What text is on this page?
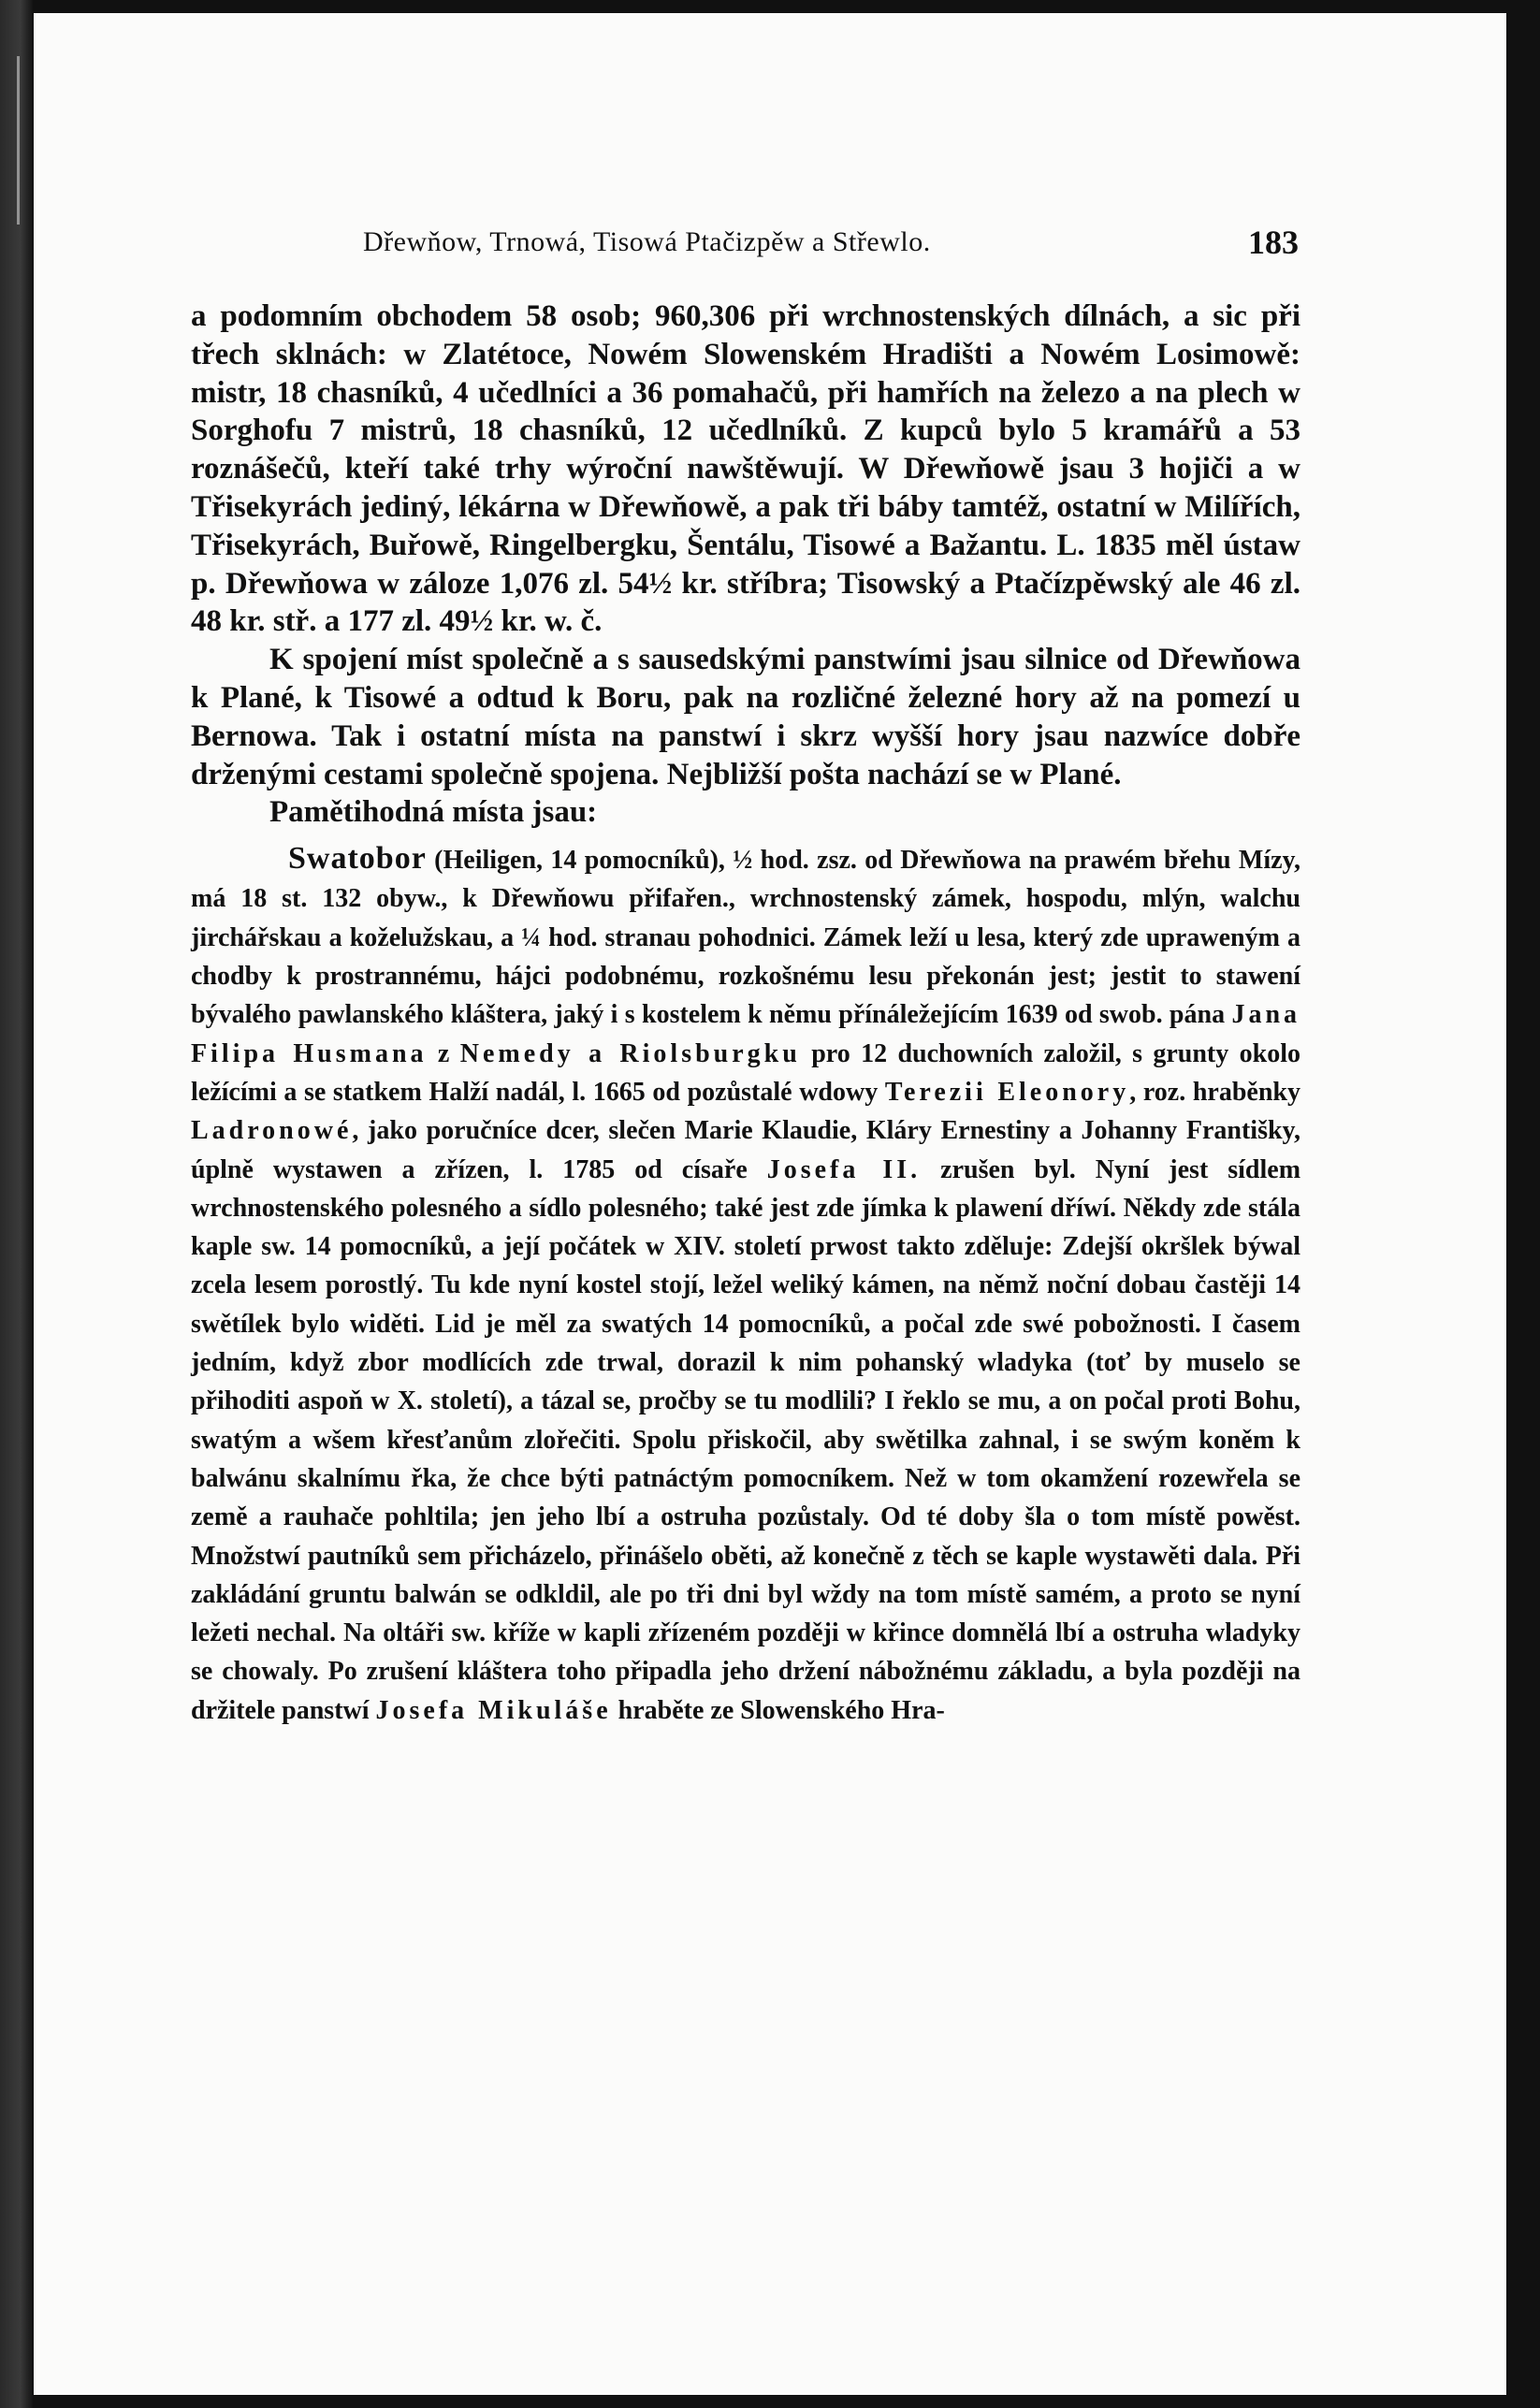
Dřewňow, Trnowá, Tisowá Ptačizpěw a Střewlo.	183

a podomním obchodem 58 osob; 960,306 při wrchnostenských dílnách, a sic při třech sklnách: w Zlatétoce, Nowém Slowenském Hradišti a Nowém Losimowě: mistr, 18 chasníků, 4 učedlníci a 36 pomahačů, při hamřích na železo a na plech w Sorghofu 7 mistrů, 18 chasníků, 12 učedlníků. Z kupců bylo 5 kramářů a 53 roznášečů, kteří také trhy wýroční nawštěwují. W Dřewňowě jsau 3 hojiči a w Třisekyrách jediný, lékárna w Dřewňowě, a pak tři báby tamtéž, ostatní w Milířích, Třisekyrách, Buřowě, Ringelbergku, Šentálu, Tisowé a Bažantu. L. 1835 měl ústaw p. Dřewňowa w záloze 1,076 zl. 54½ kr. stříbra; Tisowský a Ptačízpěwský ale 46 zl. 48 kr. stř. a 177 zl. 49½ kr. w. č.

K spojení míst společně a s sausedskými panstwími jsau silnice od Dřewňowa k Plané, k Tisowé a odtud k Boru, pak na rozličné železné hory až na pomezí u Bernowa. Tak i ostatní místa na panstwí i skrz wyšší hory jsau nazwíce dobře drženými cestami společně spojena. Nejbližší pošta nachází se w Plané.

Pamětihodná místa jsau:

Swatobor (Heiligen, 14 pomocníků), ½ hod. zsz. od Dřewňowa na prawém břehu Mízy, má 18 st. 132 obyw., k Dřewňowu přifařen., wrchnostenský zámek, hospodu, mlýn, walchu jirchářskau a koželužskau, a ¼ hod. stranau pohodnici. Zámek leží u lesa, který zde upraweným a chodby k prostrannému, hájci podobnému, rozkošnému lesu překonán jest; jestit to stawení bývalého pawlanského kláštera, jaký i s kostelem k němu přínáležejícím 1639 od swob. pána Jana Filipa Husmana z Nemedy a Riolsburgku pro 12 duchowních založil, s grunty okolo ležícími a se statkem Halží nadál, l. 1665 od pozůstalé wdowy Terezii Eleonory, roz. hraběnky Ladronowé, jako poručníce dcer, slečen Marie Klaudie, Kláry Ernestiny a Johanny Františky, úplně wystawen a zřízen, l. 1785 od císaře Josefa II. zrušen byl. Nyní jest sídlem wrchnostenského polesného a sídlo polesného; také jest zde jímka k plawení dříwí. Někdy zde stála kaple sw. 14 pomocníků, a její počátek w XIV. století prwost takto zděluje: Zdejší okršlek býwal zcela lesem porostlý. Tu kde nyní kostel stojí, ležel weliký kámen, na němž noční dobau častěji 14 swětílek bylo widěti. Lid je měl za swatých 14 pomocníků, a počal zde swé pobožnosti. I časem jedním, když zbor modlících zde trwal, dorazil k nim pohanský wladyka (toť by muselo se přihoditi aspoň w X. století), a tázal se, pročby se tu modlili? I řeklo se mu, a on počal proti Bohu, swatým a wšem křesťanům zlořečiti. Spolu přiskočil, aby swětilka zahnal, i se swým koněm k balwánu skalnímu řka, že chce býti patnáctým pomocníkem. Než w tom okamžení rozewřela se země a rauhače pohltila; jen jeho lbí a ostruha pozůstaly. Od té doby šla o tom místě powěst. Množstwí pautníků sem přicházelo, přinášelo oběti, až konečně z těch se kaple wystawěti dala. Při zakládání gruntu balwán se odkldil, ale po tři dni byl wždy na tom místě samém, a proto se nyní ležeti nechal. Na oltáři sw. kříže w kapli zřízeném později w křince domnělá lbí a ostruha wladyky se chowaly. Po zrušení kláštera toho připadla jeho držení nábožnému základu, a byla později na držitele panstwí Josefa Mikuláše hraběte ze Slowenského Hra-
